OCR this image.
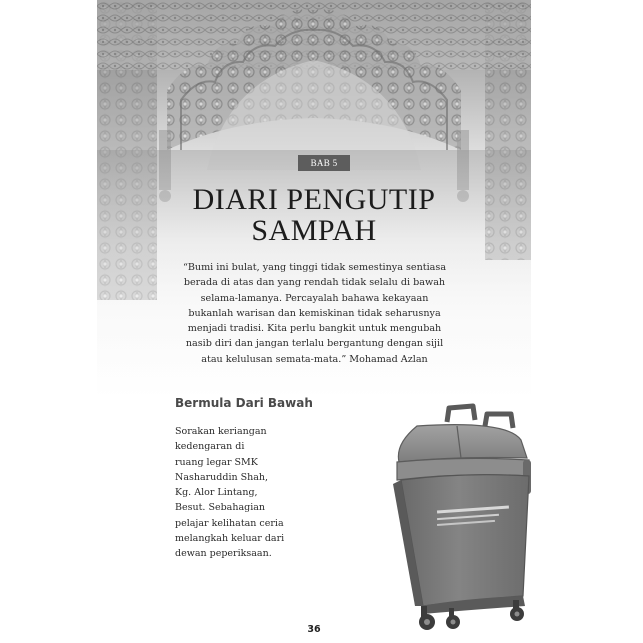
BAB 5
DIARI PENGUTIP
SAMPAH
“Bumi ini bulat, yang tinggi tidak semestinya sentiasa
berada di atas dan yang rendah tidak selalu di bawah
selama-lamanya. Percayalah bahawa kekayaan
bukanlah warisan dan kemiskinan tidak seharusnya
menjadi tradisi. Kita perlu bangkit untuk mengubah
nasib diri dan jangan terlalu bergantung dengan sijil
atau kelulusan semata-mata.” Mohamad Azlan
Bermula Dari Bawah
Sorakan keriangan
kedengaran di
ruang legar SMK
Nasharuddin Shah,
Kg. Alor Lintang,
Besut. Sebahagian
pelajar kelihatan ceria
melangkah keluar dari
dewan peperiksaan.
36
